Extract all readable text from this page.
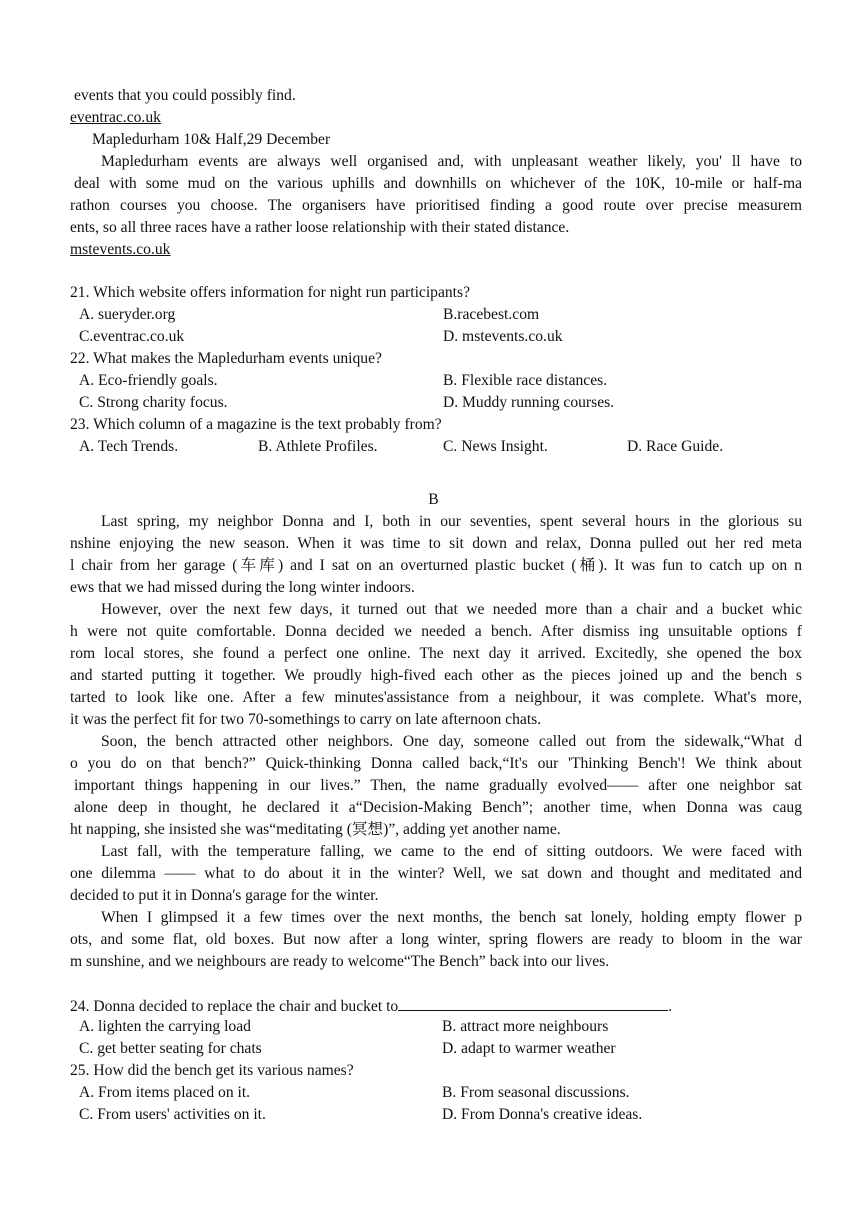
events that you could possibly find.
eventrac.co.uk
Mapledurham 10& Half,29 December
Mapledurham events are always well organised and, with unpleasant weather likely, you' ll have to
deal with some mud on the various uphills and downhills on whichever of the 10K, 10-mile or half-ma
rathon courses you choose. The organisers have prioritised finding a good route over precise measurem
ents, so all three races have a rather loose relationship with their stated distance.
mstevents.co.uk
21. Which website offers information for night run participants?
A. sueryder.org	B.racebest.com
C.eventrac.co.uk	D. mstevents.co.uk
22. What makes the Mapledurham events unique?
A. Eco-friendly goals.	B. Flexible race distances.
C. Strong charity focus.	D. Muddy running courses.
23. Which column of a magazine is the text probably from?
A. Tech Trends.	B. Athlete Profiles.	C. News Insight.	D. Race Guide.
B
Last spring, my neighbor Donna and I, both in our seventies, spent several hours in the glorious su
nshine enjoying the new season. When it was time to sit down and relax, Donna pulled out her red meta
l chair from her garage (车库) and I sat on an overturned plastic bucket (桶). It was fun to catch up on n
ews that we had missed during the long winter indoors.
However, over the next few days, it turned out that we needed more than a chair and a bucket whic
h were not quite comfortable. Donna decided we needed a bench. After dismiss ing unsuitable options f
rom local stores, she found a perfect one online. The next day it arrived. Excitedly, she opened the box
and started putting it together. We proudly high-fived each other as the pieces joined up and the bench s
tarted to look like one. After a few minutes'assistance from a neighbour, it was complete. What's more,
it was the perfect fit for two 70-somethings to carry on late afternoon chats.
Soon, the bench attracted other neighbors. One day, someone called out from the sidewalk,“What d
o you do on that bench?” Quick-thinking Donna called back,“It's our 'Thinking Bench'! We think about
important things happening in our lives.” Then, the name gradually evolved—— after one neighbor sat
alone deep in thought, he declared it a“Decision-Making Bench”; another time, when Donna was caug
ht napping, she insisted she was“meditating (冥想)”, adding yet another name.
Last fall, with the temperature falling, we came to the end of sitting outdoors. We were faced with
one dilemma —— what to do about it in the winter? Well, we sat down and thought and meditated and
decided to put it in Donna's garage for the winter.
When I glimpsed it a few times over the next months, the bench sat lonely, holding empty flower p
ots, and some flat, old boxes. But now after a long winter, spring flowers are ready to bloom in the war
m sunshine, and we neighbours are ready to welcome“The Bench” back into our lives.
24. Donna decided to replace the chair and bucket to	.
A. lighten the carrying load	B. attract more neighbours
C. get better seating for chats	D. adapt to warmer weather
25. How did the bench get its various names?
A. From items placed on it.	B. From seasonal discussions.
C. From users' activities on it.	D. From Donna's creative ideas.
